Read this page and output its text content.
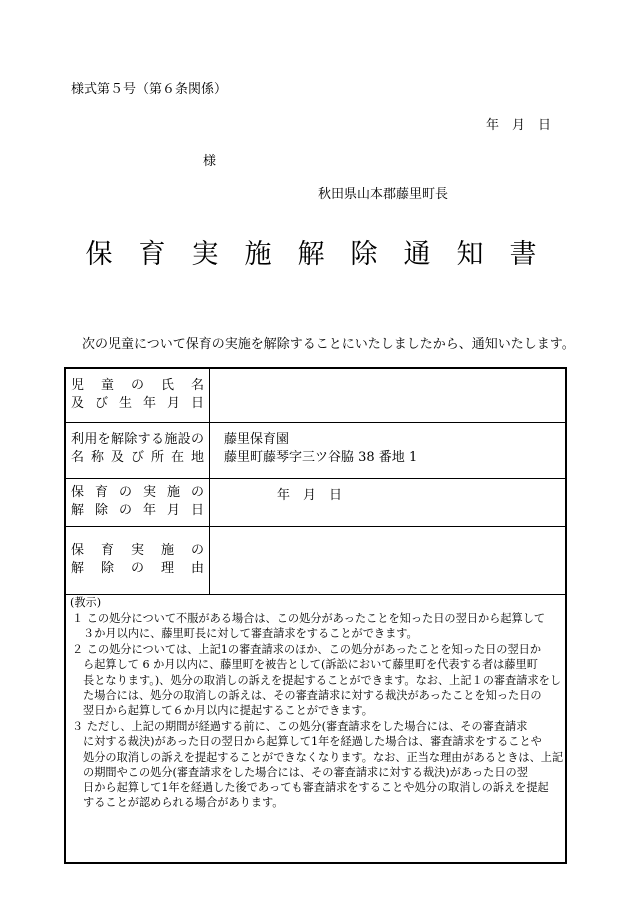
様式第５号（第６条関係）
年　月　日
様
秋田県山本郡藤里町長
保育実施解除通知書
次の児童について保育の実施を解除することにいたしましたから、通知いたします。
児童の氏名
及び生年月日
利用を解除する施設の
名称及び所在地
藤里保育園
藤里町藤琴字三ツ谷脇 38 番地 1
保育の実施の
解除の年月日
年　月　日
保育実施の
解除の理由
(教示)
１ この処分について不服がある場合は、この処分があったことを知った日の翌日から起算して
３か月以内に、藤里町長に対して審査請求をすることができます。
２ この処分については、上記1の審査請求のほか、この処分があったことを知った日の翌日か
ら起算して 6 か月以内に、藤里町を被告として(訴訟において藤里町を代表する者は藤里町
長となります。)、処分の取消しの訴えを提起することができます。なお、上記１の審査請求をし
た場合には、処分の取消しの訴えは、その審査請求に対する裁決があったことを知った日の
翌日から起算して６か月以内に提起することができます。
３ ただし、上記の期間が経過する前に、この処分(審査請求をした場合には、その審査請求
に対する裁決)があった日の翌日から起算して1年を経過した場合は、審査請求をすることや
処分の取消しの訴えを提起することができなくなります。なお、正当な理由があるときは、上記
の期間やこの処分(審査請求をした場合には、その審査請求に対する裁決)があった日の翌
日から起算して1年を経過した後であっても審査請求をすることや処分の取消しの訴えを提起
することが認められる場合があります。
